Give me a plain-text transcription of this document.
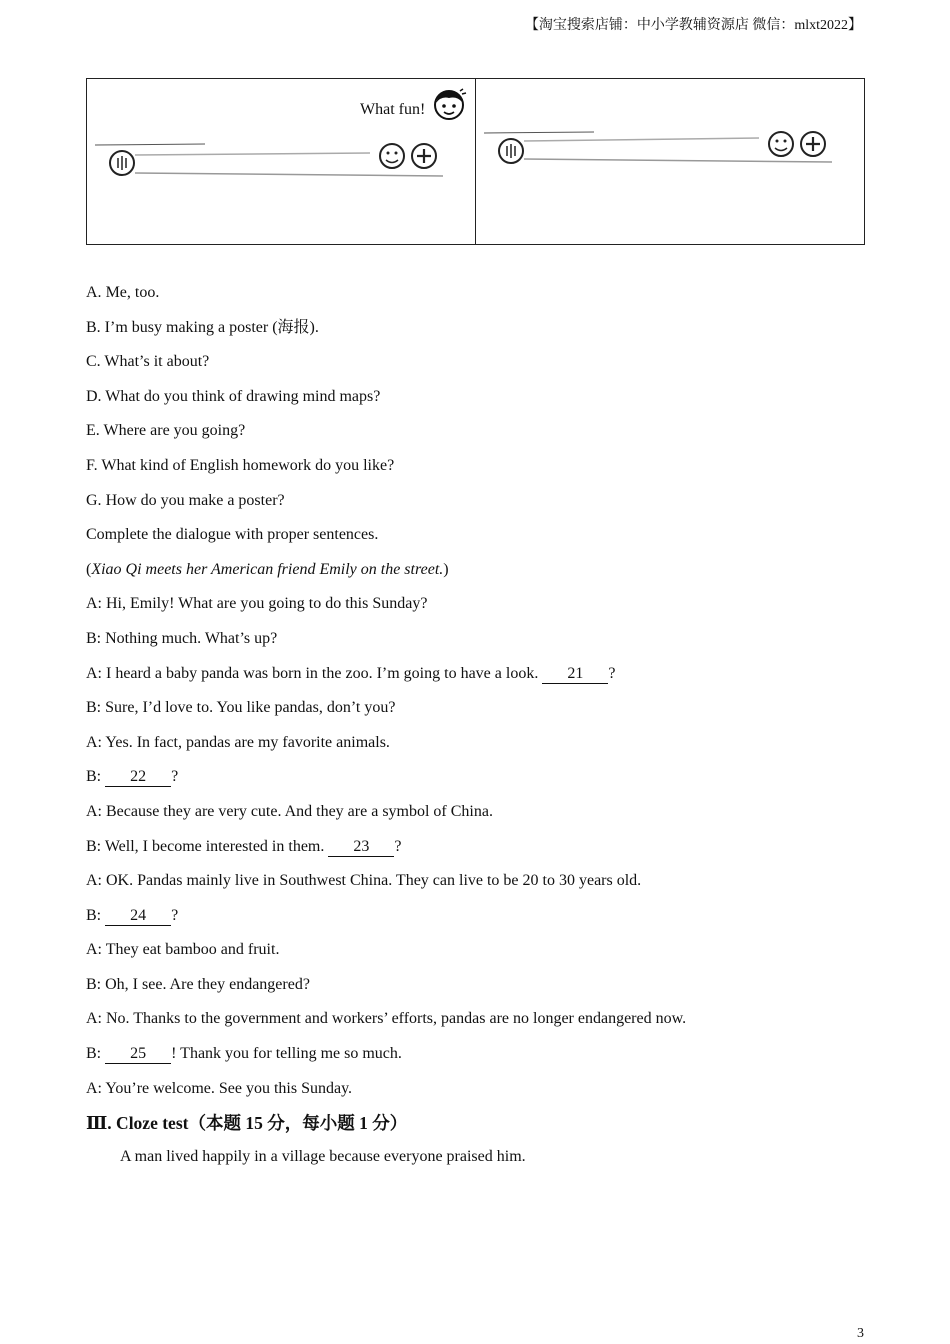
【淘宝搜索店铺：中小学教辅资源店 微信：mlxt2022】
What fun!
A. Me, too.
B. I’m busy making a poster (海报).
C. What’s it about?
D. What do you think of drawing mind maps?
E. Where are you going?
F. What kind of English homework do you like?
G. How do you make a poster?
Complete the dialogue with proper sentences.
(Xiao Qi meets her American friend Emily on the street.)
A: Hi, Emily! What are you going to do this Sunday?
B: Nothing much. What’s up?
A: I heard a baby panda was born in the zoo. I’m going to have a look. 21 ?
B: Sure, I’d love to. You like pandas, don’t you?
A: Yes. In fact, pandas are my favorite animals.
B: 22 ?
A: Because they are very cute. And they are a symbol of China.
B: Well, I become interested in them. 23 ?
A: OK. Pandas mainly live in Southwest China. They can live to be 20 to 30 years old.
B: 24 ?
A: They eat bamboo and fruit.
B: Oh, I see. Are they endangered?
A: No. Thanks to the government and workers’ efforts, pandas are no longer endangered now.
B: 25 ! Thank you for telling me so much.
A: You’re welcome. See you this Sunday.
Ⅲ. Cloze test（本题 15 分，每小题 1 分）
A man lived happily in a village because everyone praised him.
3
